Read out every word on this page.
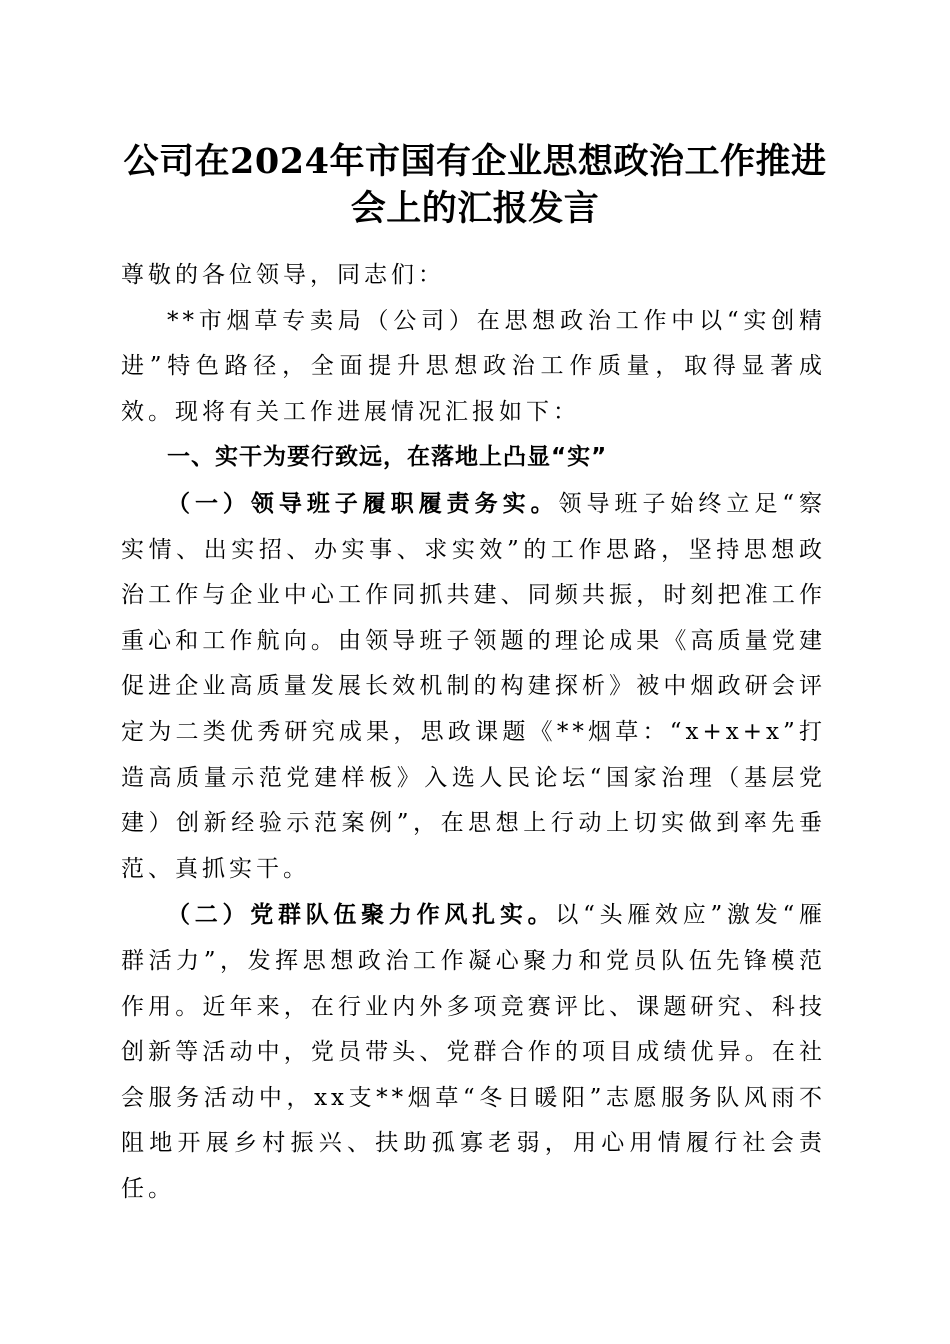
公司在2024年市国有企业思想政治工作推进
会上的汇报发言

尊敬的各位领导，同志们：

**市烟草专卖局（公司）在思想政治工作中以“实创精进”特色路径，全面提升思想政治工作质量，取得显著成效。现将有关工作进展情况汇报如下：

一、实干为要行致远，在落地上凸显“实”

（一）领导班子履职履责务实。领导班子始终立足“察实情、出实招、办实事、求实效”的工作思路，坚持思想政治工作与企业中心工作同抓共建、同频共振，时刻把准工作重心和工作航向。由领导班子领题的理论成果《高质量党建促进企业高质量发展长效机制的构建探析》被中烟政研会评定为二类优秀研究成果，思政课题《**烟草：“x+x+x”打造高质量示范党建样板》入选人民论坛“国家治理（基层党建）创新经验示范案例”，在思想上行动上切实做到率先垂范、真抓实干。

（二）党群队伍聚力作风扎实。以“头雁效应”激发“雁群活力”，发挥思想政治工作凝心聚力和党员队伍先锋模范作用。近年来，在行业内外多项竞赛评比、课题研究、科技创新等活动中，党员带头、党群合作的项目成绩优异。在社会服务活动中，xx支**烟草“冬日暖阳”志愿服务队风雨不阻地开展乡村振兴、扶助孤寡老弱，用心用情履行社会责任。
